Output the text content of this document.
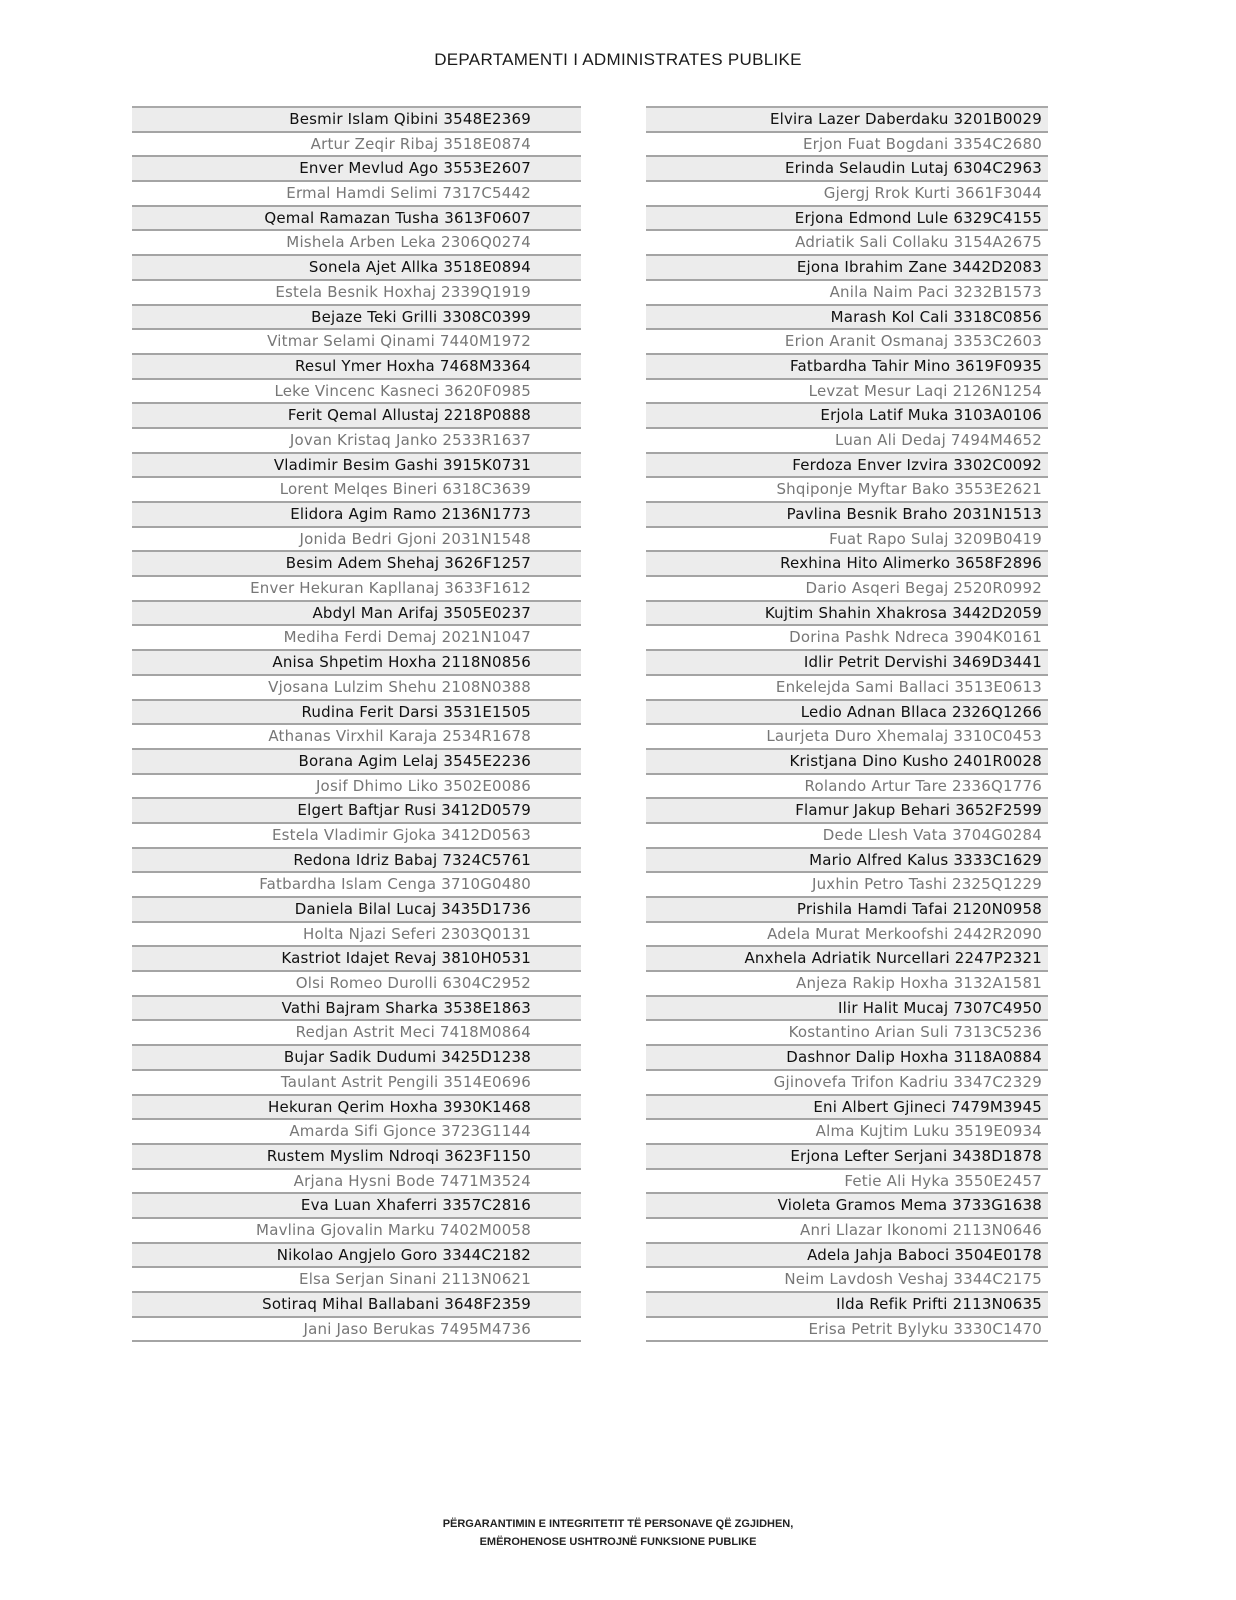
DEPARTAMENTI I ADMINISTRATES PUBLIKE
Besmir Islam Qibini 3548E2369
Artur Zeqir Ribaj 3518E0874
Enver Mevlud Ago 3553E2607
Ermal Hamdi Selimi 7317C5442
Qemal Ramazan Tusha 3613F0607
Mishela Arben Leka 2306Q0274
Sonela Ajet Allka 3518E0894
Estela Besnik Hoxhaj 2339Q1919
Bejaze Teki Grilli 3308C0399
Vitmar Selami Qinami 7440M1972
Resul Ymer Hoxha 7468M3364
Leke Vincenc Kasneci 3620F0985
Ferit Qemal Allustaj 2218P0888
Jovan Kristaq Janko 2533R1637
Vladimir Besim Gashi 3915K0731
Lorent Melqes Bineri 6318C3639
Elidora Agim Ramo 2136N1773
Jonida Bedri Gjoni 2031N1548
Besim Adem Shehaj 3626F1257
Enver Hekuran Kapllanaj 3633F1612
Abdyl Man Arifaj 3505E0237
Mediha Ferdi Demaj 2021N1047
Anisa Shpetim Hoxha 2118N0856
Vjosana Lulzim Shehu 2108N0388
Rudina Ferit Darsi 3531E1505
Athanas Virxhil Karaja 2534R1678
Borana Agim Lelaj 3545E2236
Josif Dhimo Liko 3502E0086
Elgert Baftjar Rusi 3412D0579
Estela Vladimir Gjoka 3412D0563
Redona Idriz Babaj 7324C5761
Fatbardha Islam Cenga 3710G0480
Daniela Bilal Lucaj 3435D1736
Holta Njazi Seferi 2303Q0131
Kastriot Idajet Revaj 3810H0531
Olsi Romeo Durolli 6304C2952
Vathi Bajram Sharka 3538E1863
Redjan Astrit Meci 7418M0864
Bujar Sadik Dudumi 3425D1238
Taulant Astrit Pengili 3514E0696
Hekuran Qerim Hoxha 3930K1468
Amarda Sifi Gjonce 3723G1144
Rustem Myslim Ndroqi 3623F1150
Arjana Hysni Bode 7471M3524
Eva Luan Xhaferri 3357C2816
Mavlina Gjovalin Marku 7402M0058
Nikolao Angjelo Goro 3344C2182
Elsa Serjan Sinani 2113N0621
Sotiraq Mihal Ballabani 3648F2359
Jani Jaso Berukas 7495M4736
Elvira Lazer Daberdaku 3201B0029
Erjon Fuat Bogdani 3354C2680
Erinda Selaudin Lutaj 6304C2963
Gjergj Rrok Kurti 3661F3044
Erjona Edmond Lule 6329C4155
Adriatik Sali Collaku 3154A2675
Ejona Ibrahim Zane 3442D2083
Anila Naim Paci 3232B1573
Marash Kol Cali 3318C0856
Erion Aranit Osmanaj 3353C2603
Fatbardha Tahir Mino 3619F0935
Levzat Mesur Laqi 2126N1254
Erjola Latif Muka 3103A0106
Luan Ali Dedaj 7494M4652
Ferdoza Enver Izvira 3302C0092
Shqiponje Myftar Bako 3553E2621
Pavlina Besnik Braho 2031N1513
Fuat Rapo Sulaj 3209B0419
Rexhina Hito Alimerko 3658F2896
Dario Asqeri Begaj 2520R0992
Kujtim Shahin Xhakrosa 3442D2059
Dorina Pashk Ndreca 3904K0161
Idlir Petrit Dervishi 3469D3441
Enkelejda Sami Ballaci 3513E0613
Ledio Adnan Bllaca 2326Q1266
Laurjeta Duro Xhemalaj 3310C0453
Kristjana Dino Kusho 2401R0028
Rolando Artur Tare 2336Q1776
Flamur Jakup Behari 3652F2599
Dede Llesh Vata 3704G0284
Mario Alfred Kalus 3333C1629
Juxhin Petro Tashi 2325Q1229
Prishila Hamdi Tafai 2120N0958
Adela Murat Merkoofshi 2442R2090
Anxhela Adriatik Nurcellari 2247P2321
Anjeza Rakip Hoxha 3132A1581
Ilir Halit Mucaj 7307C4950
Kostantino Arian Suli 7313C5236
Dashnor Dalip Hoxha 3118A0884
Gjinovefa Trifon Kadriu 3347C2329
Eni Albert Gjineci 7479M3945
Alma Kujtim Luku 3519E0934
Erjona Lefter Serjani 3438D1878
Fetie Ali Hyka 3550E2457
Violeta Gramos Mema 3733G1638
Anri Llazar Ikonomi 2113N0646
Adela Jahja Baboci 3504E0178
Neim Lavdosh Veshaj 3344C2175
Ilda Refik Prifti 2113N0635
Erisa Petrit Bylyku 3330C1470
PËRGARANTIMIN E INTEGRITETIT TË PERSONAVE QË ZGJIDHEN,
EMËROHENOSE USHTROJNË FUNKSIONE PUBLIKE
